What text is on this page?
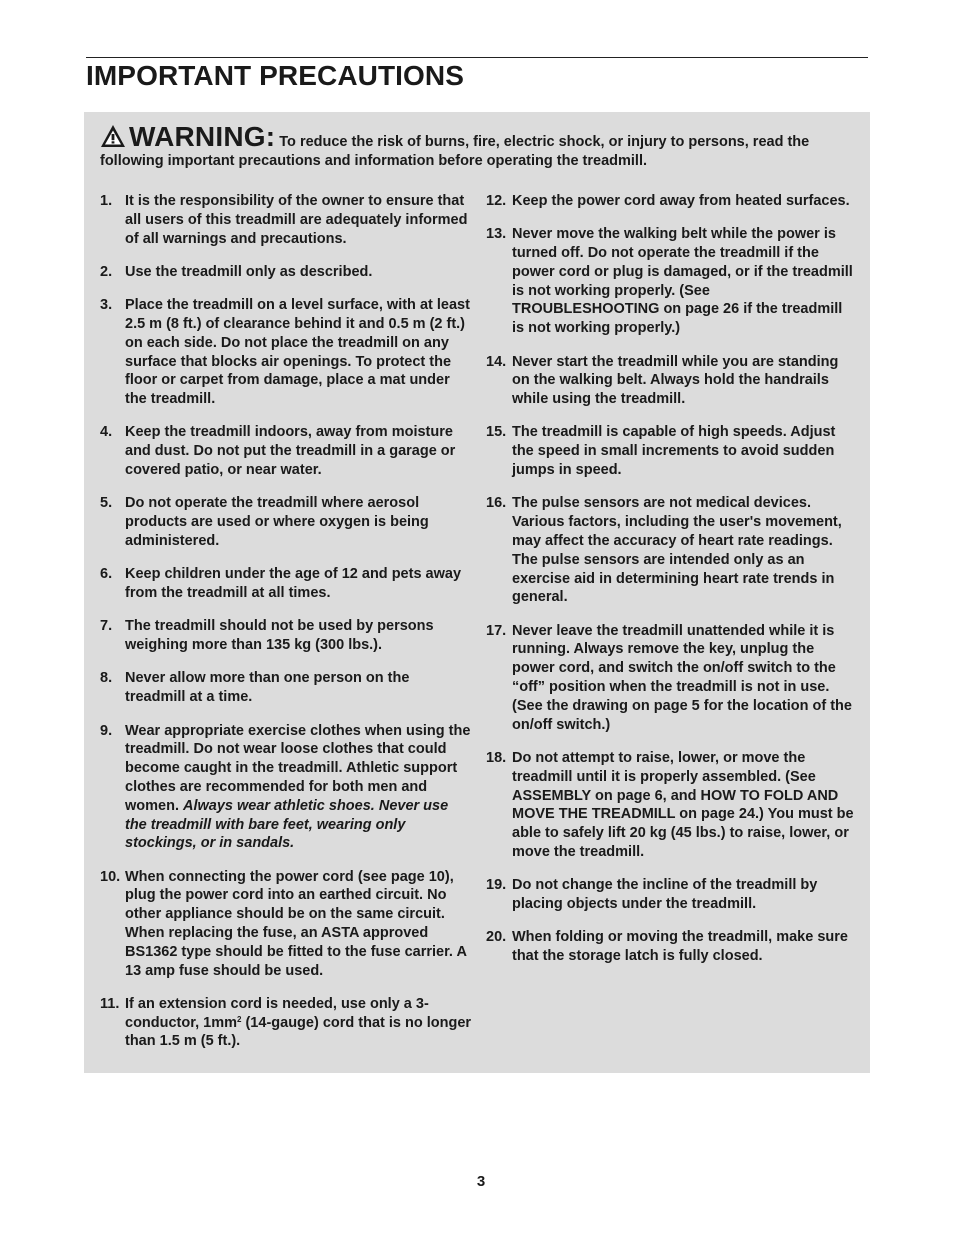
IMPORTANT PRECAUTIONS
WARNING: To reduce the risk of burns, fire, electric shock, or injury to persons, read the following important precautions and information before operating the treadmill.
1. It is the responsibility of the owner to ensure that all users of this treadmill are adequately informed of all warnings and precautions.
2. Use the treadmill only as described.
3. Place the treadmill on a level surface, with at least 2.5 m (8 ft.) of clearance behind it and 0.5 m (2 ft.) on each side. Do not place the treadmill on any surface that blocks air openings. To protect the floor or carpet from damage, place a mat under the treadmill.
4. Keep the treadmill indoors, away from moisture and dust. Do not put the treadmill in a garage or covered patio, or near water.
5. Do not operate the treadmill where aerosol products are used or where oxygen is being administered.
6. Keep children under the age of 12 and pets away from the treadmill at all times.
7. The treadmill should not be used by persons weighing more than 135 kg (300 lbs.).
8. Never allow more than one person on the treadmill at a time.
9. Wear appropriate exercise clothes when using the treadmill. Do not wear loose clothes that could become caught in the treadmill. Athletic support clothes are recommended for both men and women. Always wear athletic shoes. Never use the treadmill with bare feet, wearing only stockings, or in sandals.
10. When connecting the power cord (see page 10), plug the power cord into an earthed circuit. No other appliance should be on the same circuit. When replacing the fuse, an ASTA approved BS1362 type should be fitted to the fuse carrier. A 13 amp fuse should be used.
11. If an extension cord is needed, use only a 3-conductor, $1mm^2$ (14-gauge) cord that is no longer than 1.5 m (5 ft.).
12. Keep the power cord away from heated surfaces.
13. Never move the walking belt while the power is turned off. Do not operate the treadmill if the power cord or plug is damaged, or if the treadmill is not working properly. (See TROUBLESHOOTING on page 26 if the treadmill is not working properly.)
14. Never start the treadmill while you are standing on the walking belt. Always hold the handrails while using the treadmill.
15. The treadmill is capable of high speeds. Adjust the speed in small increments to avoid sudden jumps in speed.
16. The pulse sensors are not medical devices. Various factors, including the user's movement, may affect the accuracy of heart rate readings. The pulse sensors are intended only as an exercise aid in determining heart rate trends in general.
17. Never leave the treadmill unattended while it is running. Always remove the key, unplug the power cord, and switch the on/off switch to the “off” position when the treadmill is not in use. (See the drawing on page 5 for the location of the on/off switch.)
18. Do not attempt to raise, lower, or move the treadmill until it is properly assembled. (See ASSEMBLY on page 6, and HOW TO FOLD AND MOVE THE TREADMILL on page 24.) You must be able to safely lift 20 kg (45 lbs.) to raise, lower, or move the treadmill.
19. Do not change the incline of the treadmill by placing objects under the treadmill.
20. When folding or moving the treadmill, make sure that the storage latch is fully closed.
3
